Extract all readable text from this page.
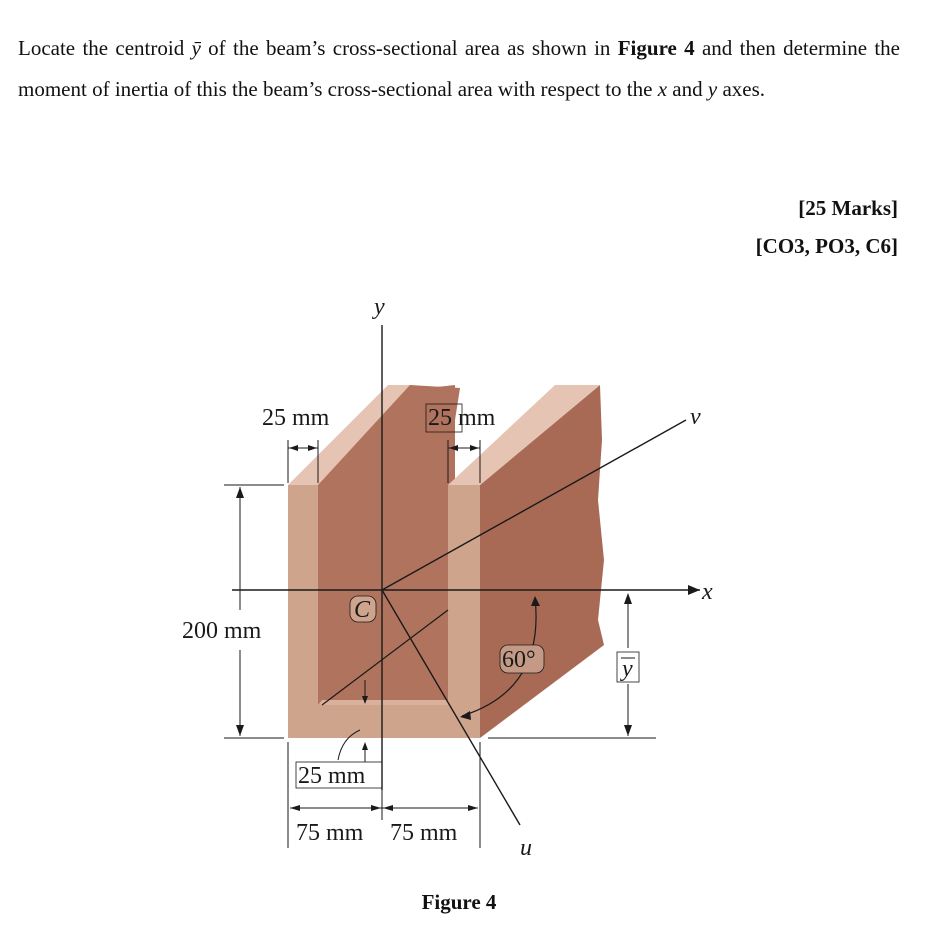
Locate the centroid ȳ of the beam’s cross-sectional area as shown in Figure 4 and then determine the moment of inertia of this the beam’s cross-sectional area with respect to the x and y axes.

[25 Marks]
[CO3, PO3, C6]
y
x
v
u
C
y
60°
25 mm	25 mm
200 mm
25 mm
75 mm 75 mm
Figure 4
